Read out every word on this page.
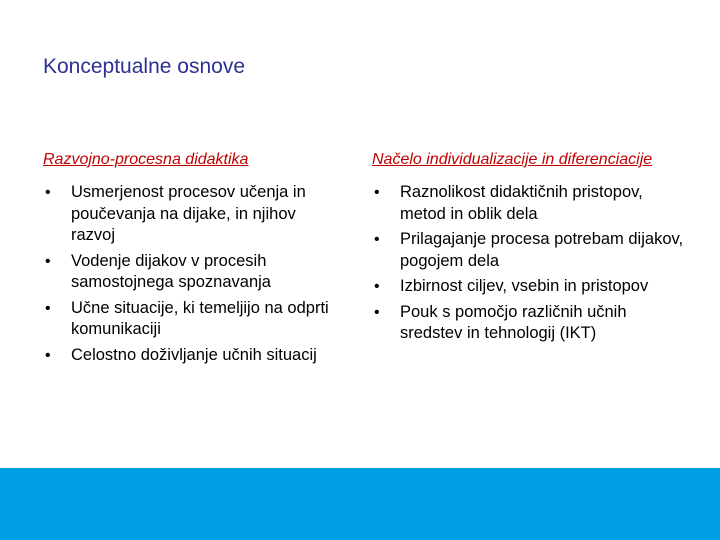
Konceptualne osnove
Razvojno-procesna didaktika
• Usmerjenost procesov učenja in poučevanja na dijake, in njihov razvoj
• Vodenje dijakov v procesih samostojnega spoznavanja
• Učne situacije, ki temeljijo na odprti komunikaciji
• Celostno doživljanje učnih situacij
Načelo individualizacije in diferenciacije
• Raznolikost didaktičnih pristopov, metod in oblik dela
• Prilagajanje procesa potrebam dijakov, pogojem dela
• Izbirnost ciljev, vsebin in pristopov
• Pouk s pomočjo različnih učnih sredstev in tehnologij (IKT)
